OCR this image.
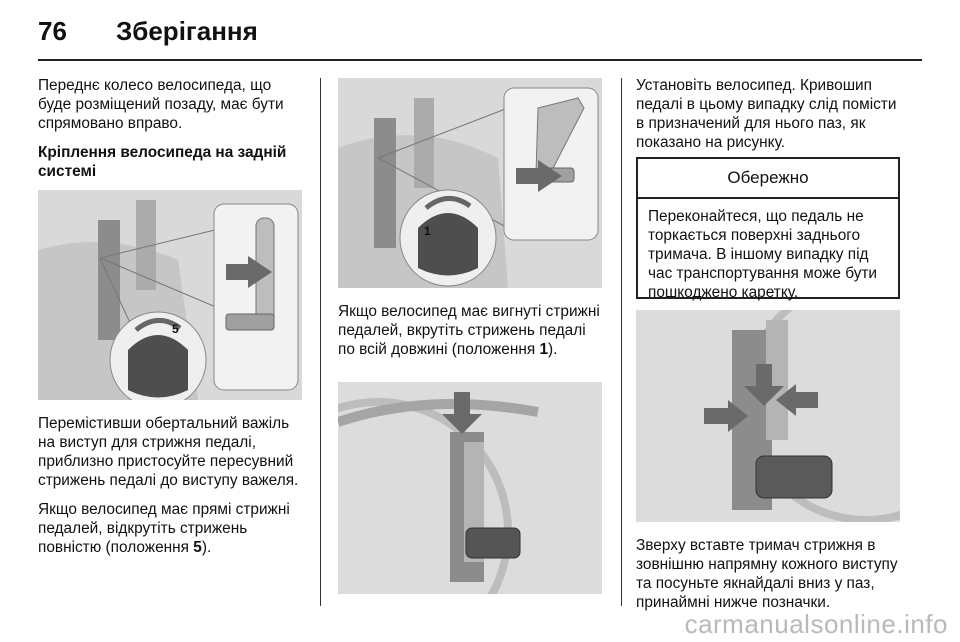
76 Зберігання

Переднє колесо велосипеда, що буде розміщений позаду, має бути спрямовано вправо.

Кріплення велосипеда на задній системі
5

Перемістивши обертальний важіль на виступ для стрижня педалі, приблизно пристосуйте пересувний стрижень педалі до виступу важеля.

Якщо велосипед має прямі стрижні педалей, відкрутіть стрижень повністю (положення 5).

1

Якщо велосипед має вигнуті стрижні педалей, вкрутіть стрижень педалі по всій довжині (положення 1).

Установіть велосипед. Кривошип педалі в цьому випадку слід помісти в призначений для нього паз, як показано на рисунку.

Обережно
Переконайтеся, що педаль не торкається поверхні заднього тримача. В іншому випадку під час транспортування може бути пошкоджено каретку.

Зверху вставте тримач стрижня в зовнішню напрямну кожного виступу та посуньте якнайдалі вниз у паз, принаймні нижче позначки.

carmanualsonline.info
